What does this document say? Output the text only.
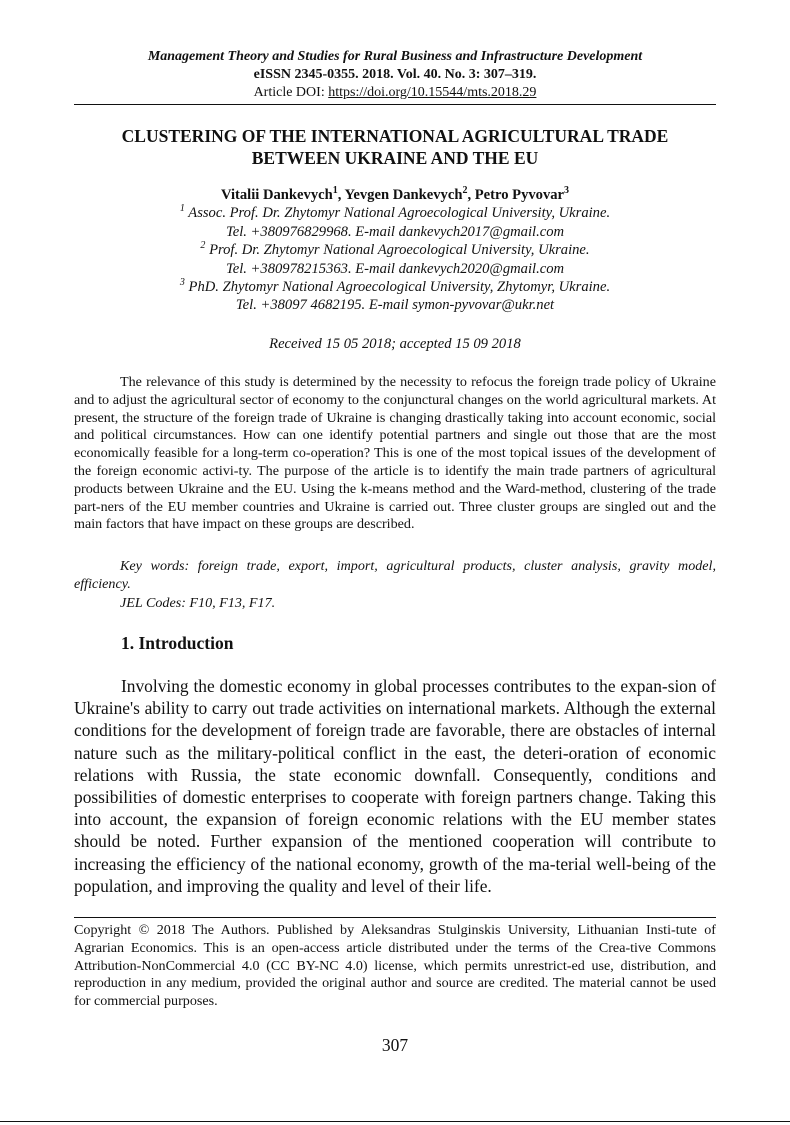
Management Theory and Studies for Rural Business and Infrastructure Development
eISSN 2345-0355. 2018. Vol. 40. No. 3: 307–319.
Article DOI: https://doi.org/10.15544/mts.2018.29
CLUSTERING OF THE INTERNATIONAL AGRICULTURAL TRADE
BETWEEN UKRAINE AND THE EU
Vitalii Dankevych$^1$, Yevgen Dankevych$^2$, Petro Pyvovar$^3$
$^1$ Assoc. Prof. Dr. Zhytomyr National Agroecological University, Ukraine.
Tel. +380976829968. E-mail dankevych2017@gmail.com
$^2$ Prof. Dr. Zhytomyr National Agroecological University, Ukraine.
Tel. +380978215363. E-mail dankevych2020@gmail.com
$^3$ PhD. Zhytomyr National Agroecological University, Zhytomyr, Ukraine.
Tel. +38097 4682195. E-mail symon-pyvovar@ukr.net
Received 15 05 2018; accepted 15 09 2018

The relevance of this study is determined by the necessity to refocus the foreign trade policy of Ukraine and to adjust the agricultural sector of economy to the conjunctural changes on the world agricultural markets. At present, the structure of the foreign trade of Ukraine is changing drastically taking into account economic, social and political circumstances. How can one identify potential partners and single out those that are the most economically feasible for a long-term co-operation? This is one of the most topical issues of the development of the foreign economic activi-ty. The purpose of the article is to identify the main trade partners of agricultural products between Ukraine and the EU. Using the k-means method and the Ward-method, clustering of the trade part-ners of the EU member countries and Ukraine is carried out. Three cluster groups are singled out and the main factors that have impact on these groups are described.

Key words: foreign trade, export, import, agricultural products, cluster analysis, gravity model, efficiency.
JEL Codes: F10, F13, F17.
1. Introduction

Involving the domestic economy in global processes contributes to the expan-sion of Ukraine's ability to carry out trade activities on international markets. Although the external conditions for the development of foreign trade are favorable, there are obstacles of internal nature such as the military-political conflict in the east, the deteri-oration of economic relations with Russia, the state economic downfall. Consequently, conditions and possibilities of domestic enterprises to cooperate with foreign partners change. Taking this into account, the expansion of foreign economic relations with the EU member states should be noted. Further expansion of the mentioned cooperation will contribute to increasing the efficiency of the national economy, growth of the ma-terial well-being of the population, and improving the quality and level of their life.

Copyright © 2018 The Authors. Published by Aleksandras Stulginskis University, Lithuanian Insti-tute of Agrarian Economics. This is an open-access article distributed under the terms of the Crea-tive Commons Attribution-NonCommercial 4.0 (CC BY-NC 4.0) license, which permits unrestrict-ed use, distribution, and reproduction in any medium, provided the original author and source are credited. The material cannot be used for commercial purposes.

307
